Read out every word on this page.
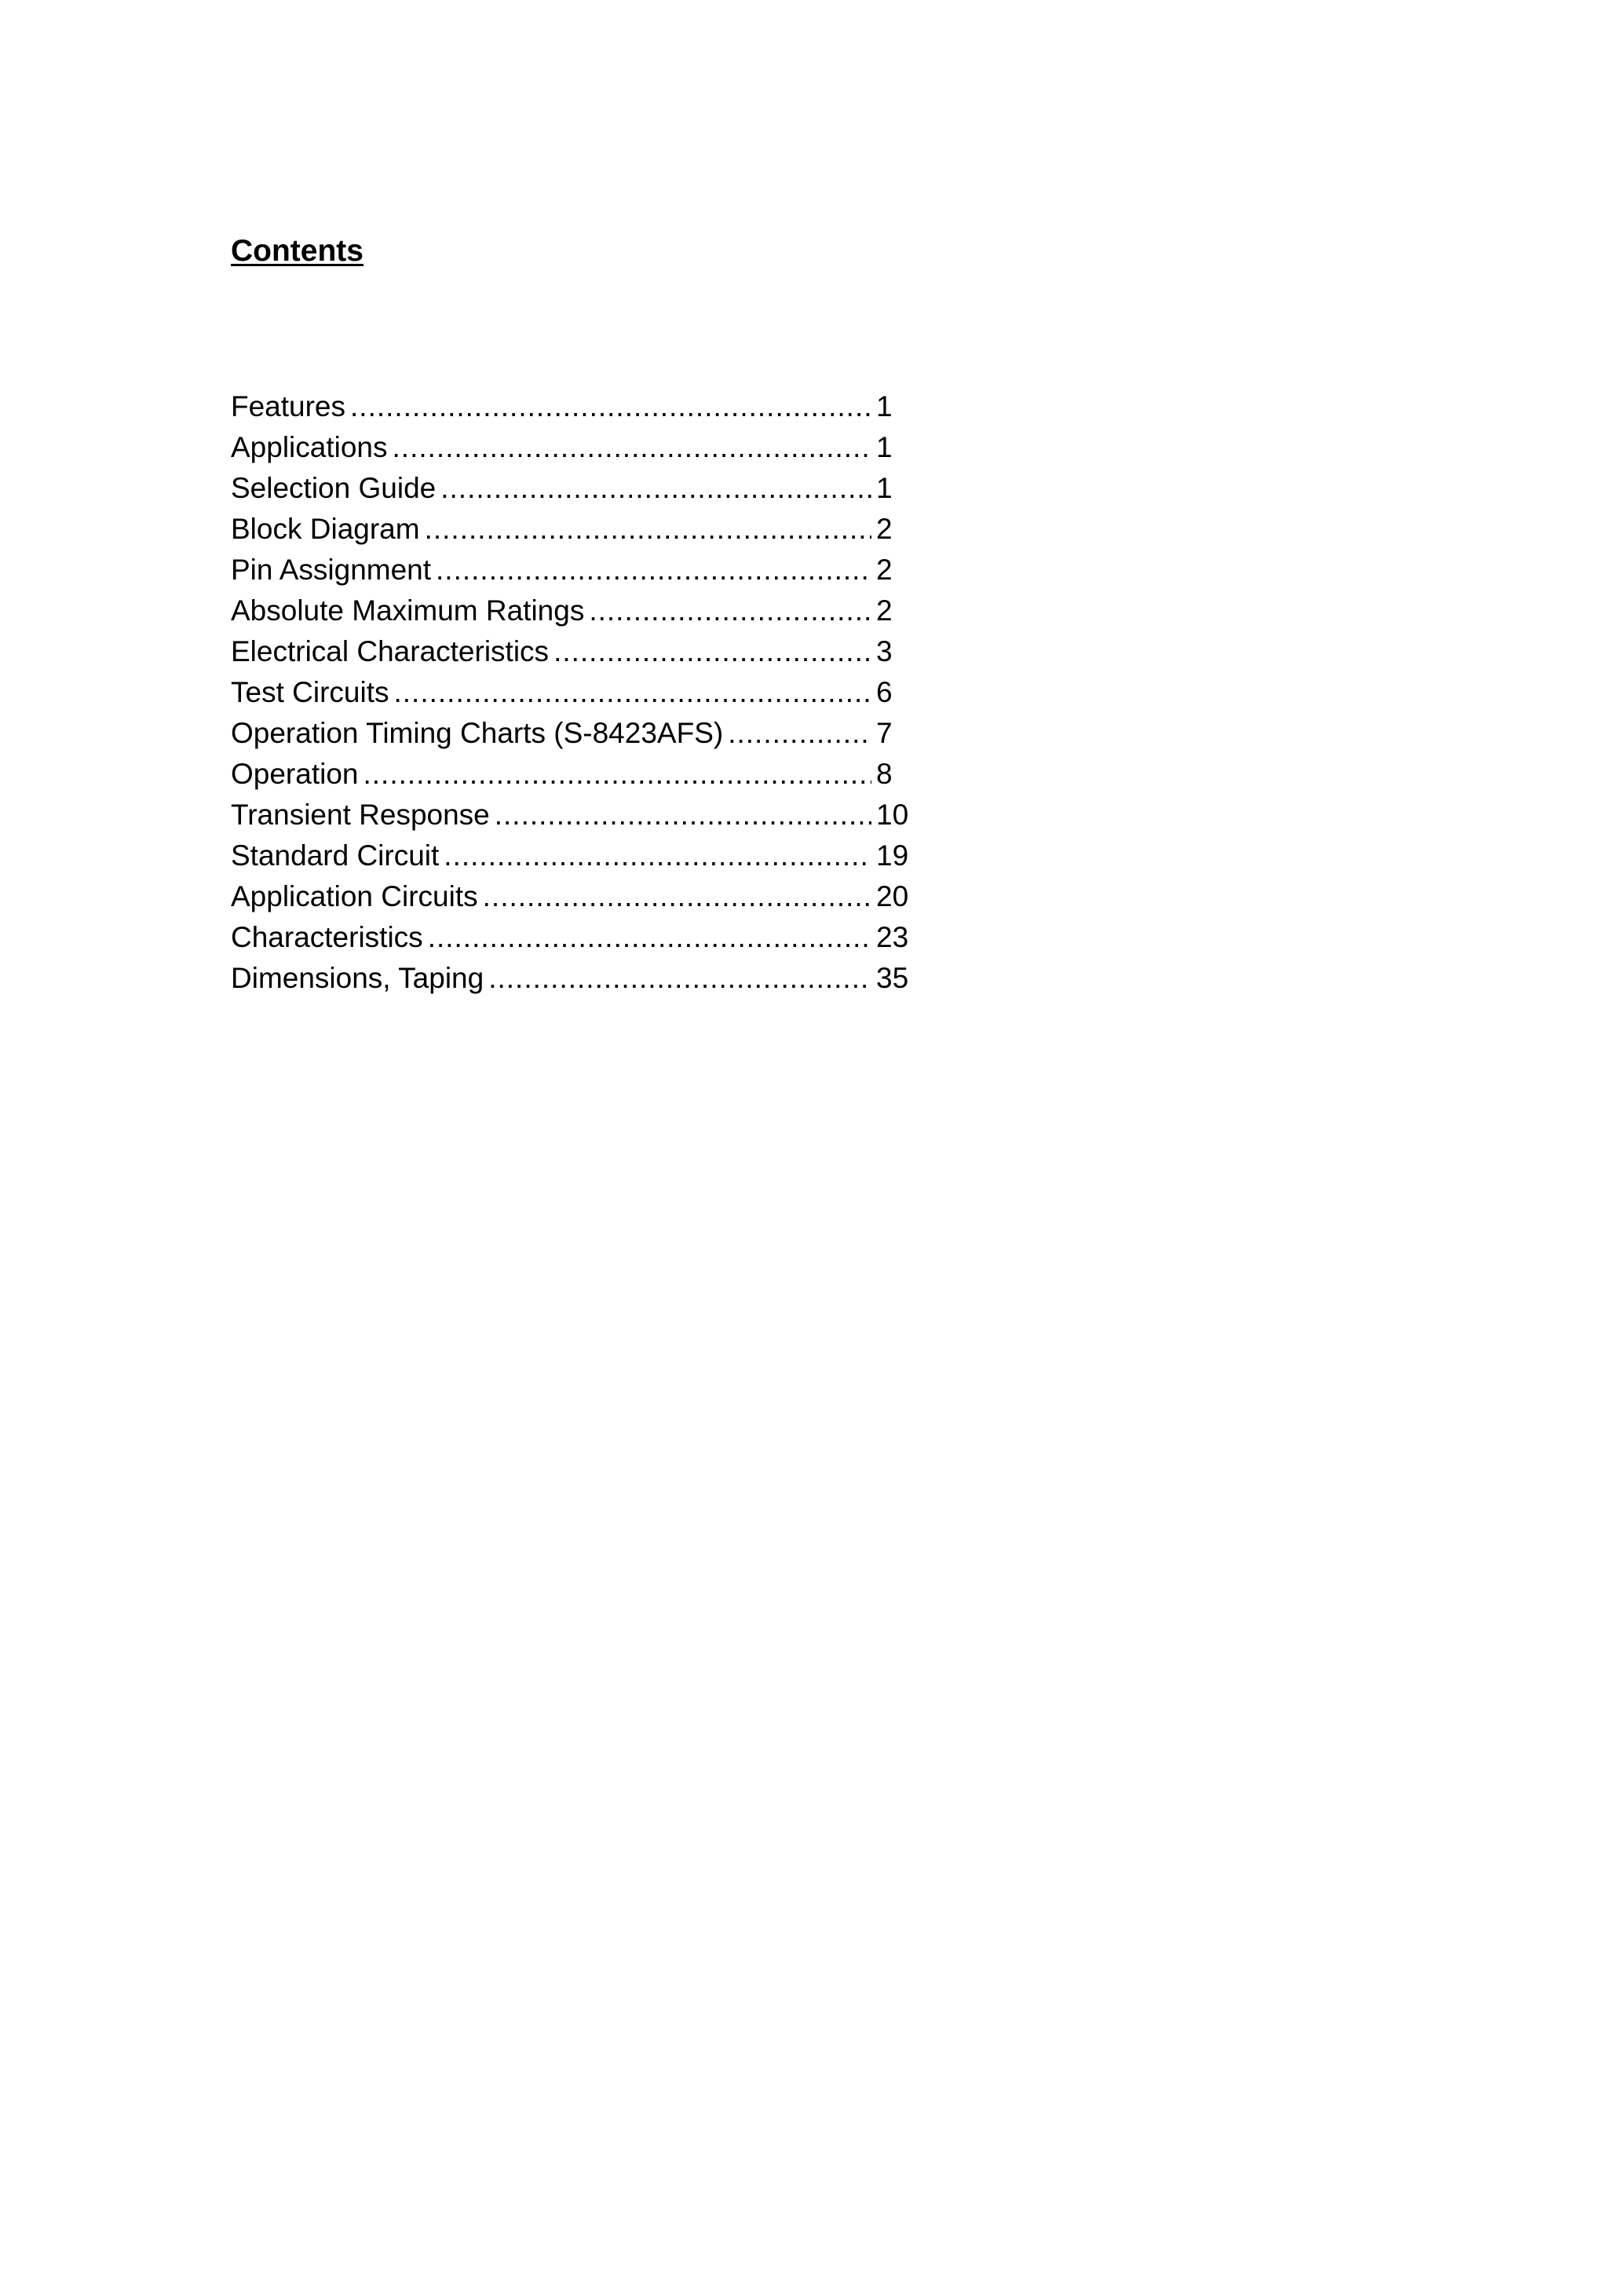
Contents
Features .....	1
Applications .....	1
Selection Guide .....	1
Block Diagram .....	2
Pin Assignment .....	2
Absolute Maximum Ratings .....	2
Electrical Characteristics .....	3
Test Circuits .....	6
Operation Timing Charts (S-8423AFS) .....	7
Operation .....	8
Transient Response .....	10
Standard Circuit .....	19
Application Circuits .....	20
Characteristics .....	23
Dimensions, Taping .....	35
